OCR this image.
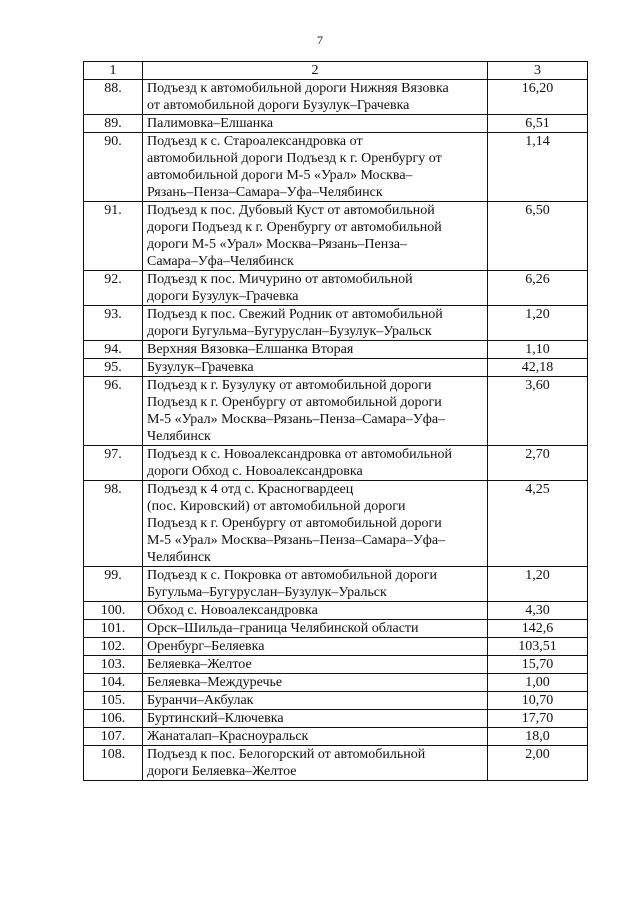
7
1	2	3
88.	Подъезд к автомобильной дороги Нижняя Вязовка
от автомобильной дороги Бузулук–Грачевка	16,20
89.	Палимовка–Елшанка	6,51
90.	Подъезд к с. Староалександровка от
автомобильной дороги Подъезд к г. Оренбургу от
автомобильной дороги М-5 «Урал» Москва–
Рязань–Пенза–Самара–Уфа–Челябинск	1,14
91.	Подъезд к пос. Дубовый Куст от автомобильной
дороги Подъезд к г. Оренбургу от автомобильной
дороги М-5 «Урал» Москва–Рязань–Пенза–
Самара–Уфа–Челябинск	6,50
92.	Подъезд к пос. Мичурино от автомобильной
дороги Бузулук–Грачевка	6,26
93.	Подъезд к пос. Свежий Родник от автомобильной
дороги Бугульма–Бугуруслан–Бузулук–Уральск	1,20
94.	Верхняя Вязовка–Елшанка Вторая	1,10
95.	Бузулук–Грачевка	42,18
96.	Подъезд к г. Бузулуку от автомобильной дороги
Подъезд к г. Оренбургу от автомобильной дороги
М-5 «Урал» Москва–Рязань–Пенза–Самара–Уфа–
Челябинск	3,60
97.	Подъезд к с. Новоалександровка от автомобильной
дороги Обход с. Новоалександровка	2,70
98.	Подъезд к 4 отд с. Красногвардеец
(пос. Кировский) от автомобильной дороги
Подъезд к г. Оренбургу от автомобильной дороги
М-5 «Урал» Москва–Рязань–Пенза–Самара–Уфа–
Челябинск	4,25
99.	Подъезд к с. Покровка от автомобильной дороги
Бугульма–Бугуруслан–Бузулук–Уральск	1,20
100.	Обход с. Новоалександровка	4,30
101.	Орск–Шильда–граница Челябинской области	142,6
102.	Оренбург–Беляевка	103,51
103.	Беляевка–Желтое	15,70
104.	Беляевка–Междуречье	1,00
105.	Буранчи–Акбулак	10,70
106.	Буртинский–Ключевка	17,70
107.	Жанаталап–Красноуральск	18,0
108.	Подъезд к пос. Белогорский от автомобильной
дороги Беляевка–Желтое	2,00
